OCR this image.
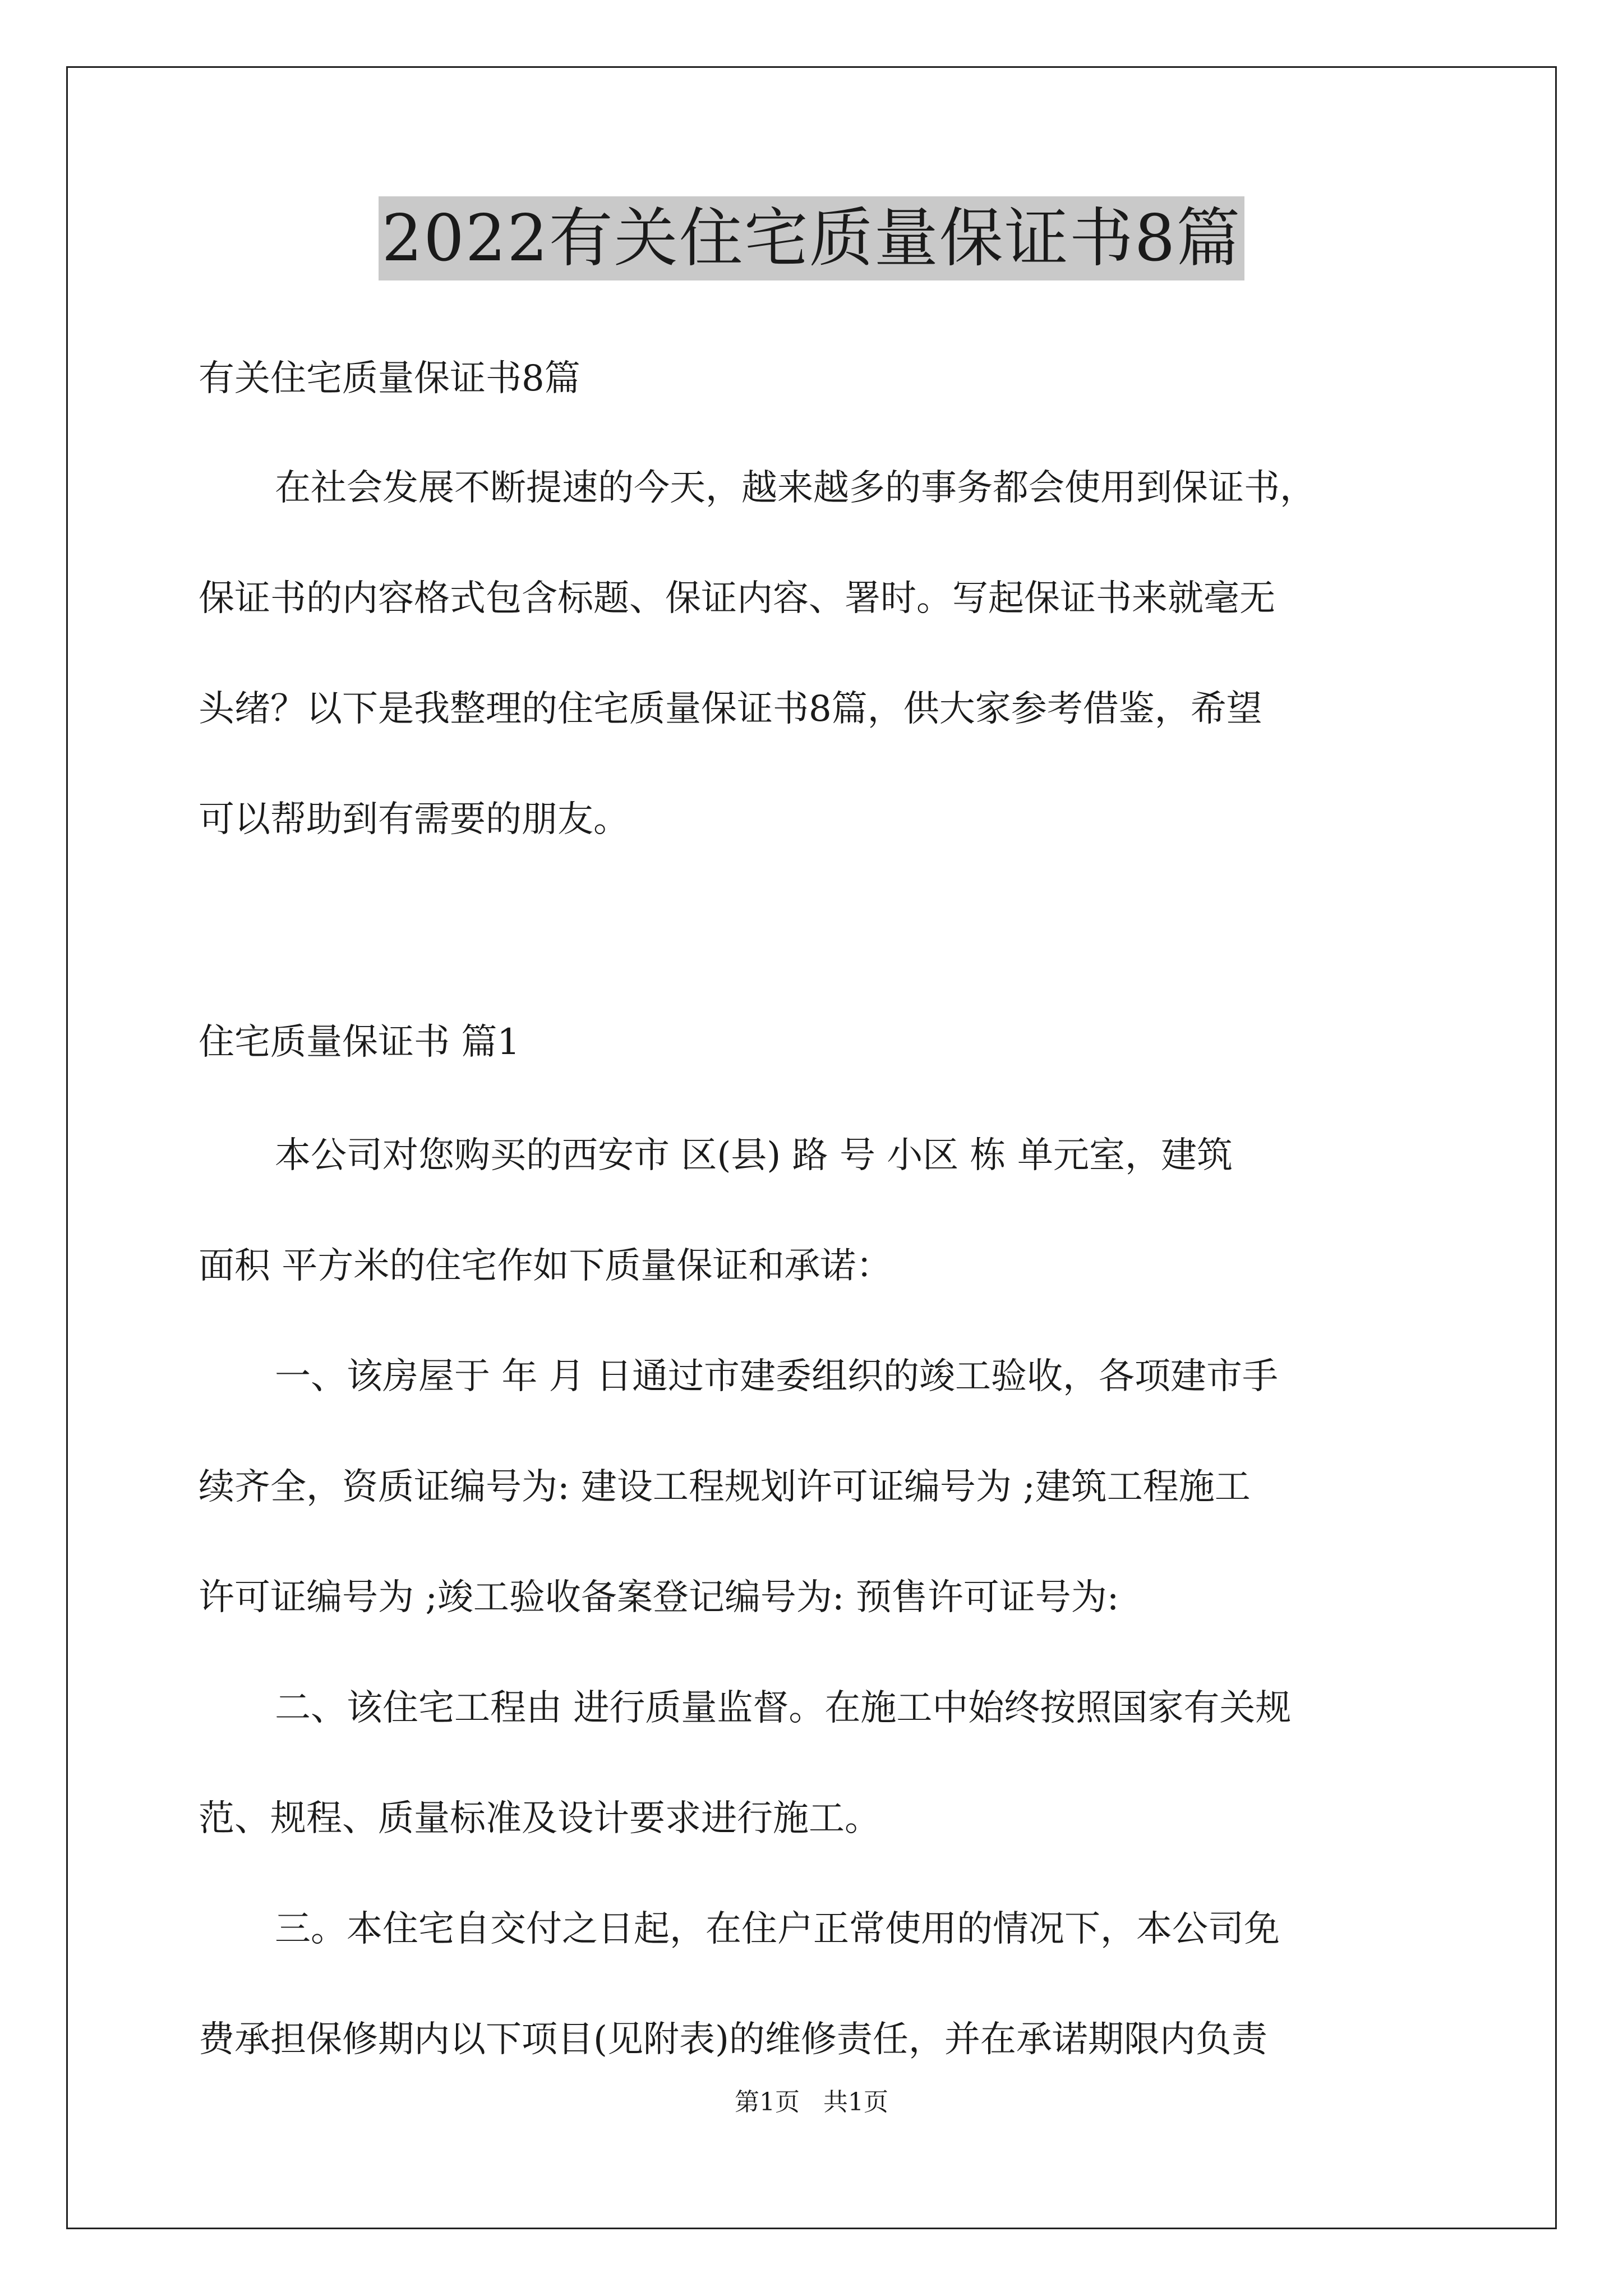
2022有关住宅质量保证书8篇
有关住宅质量保证书8篇
在社会发展不断提速的今天，越来越多的事务都会使用到保证书，
保证书的内容格式包含标题、保证内容、署时。写起保证书来就毫无
头绪？以下是我整理的住宅质量保证书8篇，供大家参考借鉴，希望
可以帮助到有需要的朋友。
住宅质量保证书 篇1
本公司对您购买的西安市 区(县) 路 号 小区 栋 单元室，建筑
面积 平方米的住宅作如下质量保证和承诺：
一、该房屋于 年 月 日通过市建委组织的竣工验收，各项建市手
续齐全，资质证编号为: 建设工程规划许可证编号为 ;建筑工程施工
许可证编号为 ;竣工验收备案登记编号为: 预售许可证号为:
二、该住宅工程由 进行质量监督。在施工中始终按照国家有关规
范、规程、质量标准及设计要求进行施工。
三。本住宅自交付之日起，在住户正常使用的情况下，本公司免
费承担保修期内以下项目(见附表)的维修责任，并在承诺期限内负责
第1页 共1页
